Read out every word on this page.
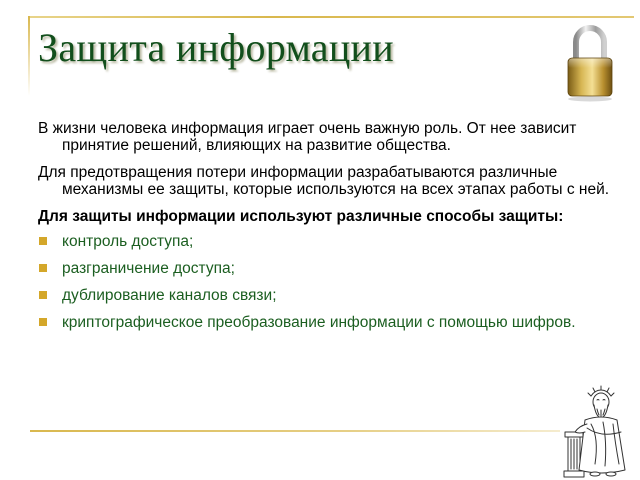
Защита информации

В жизни человека информация играет очень важную роль. От нее зависит принятие решений, влияющих на развитие общества.

Для предотвращения потери информации разрабатываются различные механизмы ее защиты, которые используются на всех этапах работы с ней.

Для защиты информации используют различные способы защиты:

контроль доступа;
разграничение доступа;
дублирование каналов связи;
криптографическое преобразование информации с помощью шифров.
